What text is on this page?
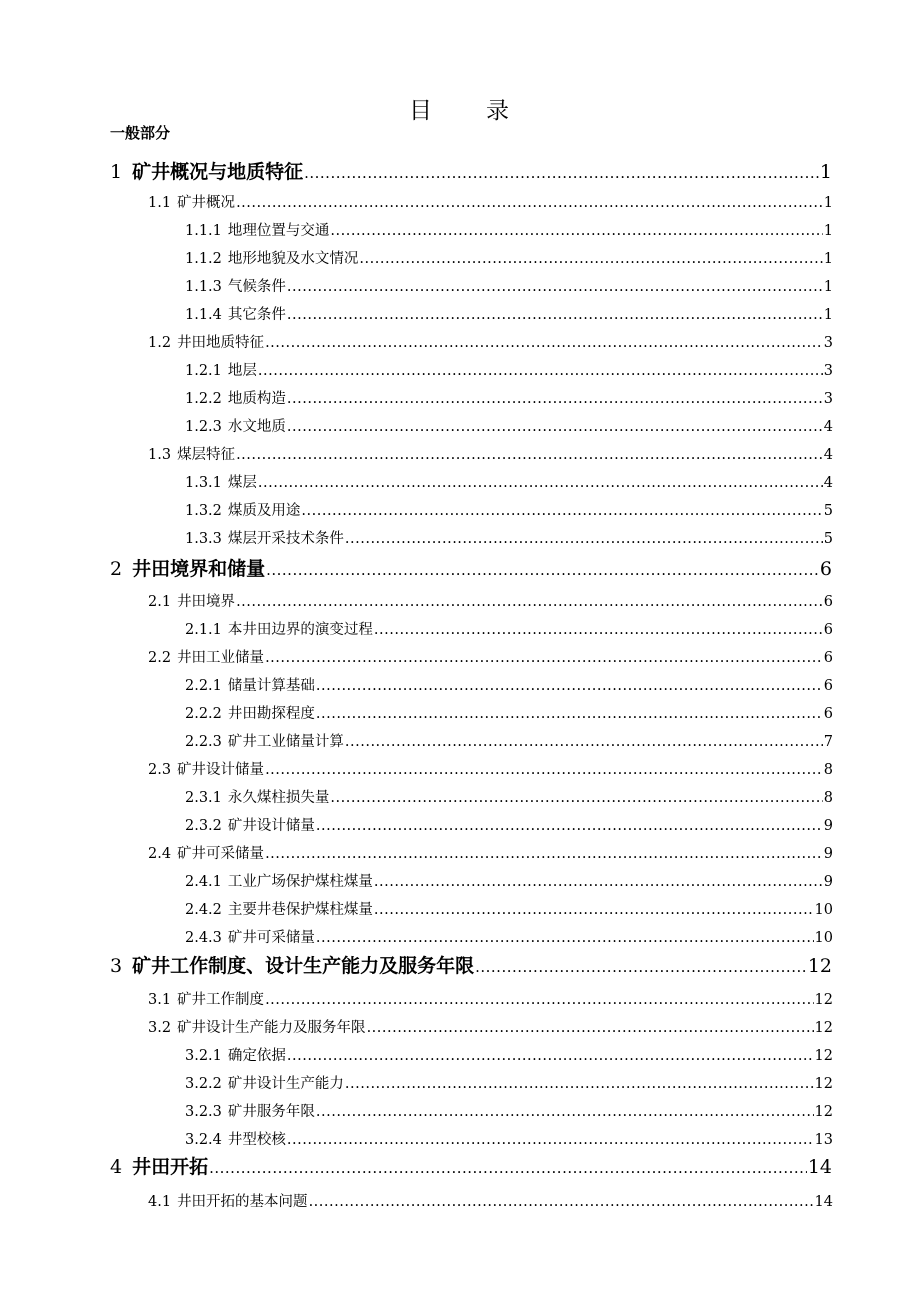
目 录
一般部分
1 矿井概况与地质特征 .....	1
1.1 矿井概况 .....	1
1.1.1 地理位置与交通 .....	1
1.1.2 地形地貌及水文情况 .....	1
1.1.3 气候条件 .....	1
1.1.4 其它条件 .....	1
1.2 井田地质特征 .....	3
1.2.1 地层 .....	3
1.2.2 地质构造 .....	3
1.2.3 水文地质 .....	4
1.3 煤层特征 .....	4
1.3.1 煤层 .....	4
1.3.2 煤质及用途 .....	5
1.3.3 煤层开采技术条件 .....	5
2 井田境界和储量 .....	6
2.1 井田境界 .....	6
2.1.1 本井田边界的演变过程 .....	6
2.2 井田工业储量 .....	6
2.2.1 储量计算基础 .....	6
2.2.2 井田勘探程度 .....	6
2.2.3 矿井工业储量计算 .....	7
2.3 矿井设计储量 .....	8
2.3.1 永久煤柱损失量 .....	8
2.3.2 矿井设计储量 .....	9
2.4 矿井可采储量 .....	9
2.4.1 工业广场保护煤柱煤量 .....	9
2.4.2 主要井巷保护煤柱煤量 .....	10
2.4.3 矿井可采储量 .....	10
3 矿井工作制度、设计生产能力及服务年限 .....	12
3.1 矿井工作制度 .....	12
3.2 矿井设计生产能力及服务年限 .....	12
3.2.1 确定依据 .....	12
3.2.2 矿井设计生产能力 .....	12
3.2.3 矿井服务年限 .....	12
3.2.4 井型校核 .....	13
4 井田开拓 .....	14
4.1 井田开拓的基本问题 .....	14
